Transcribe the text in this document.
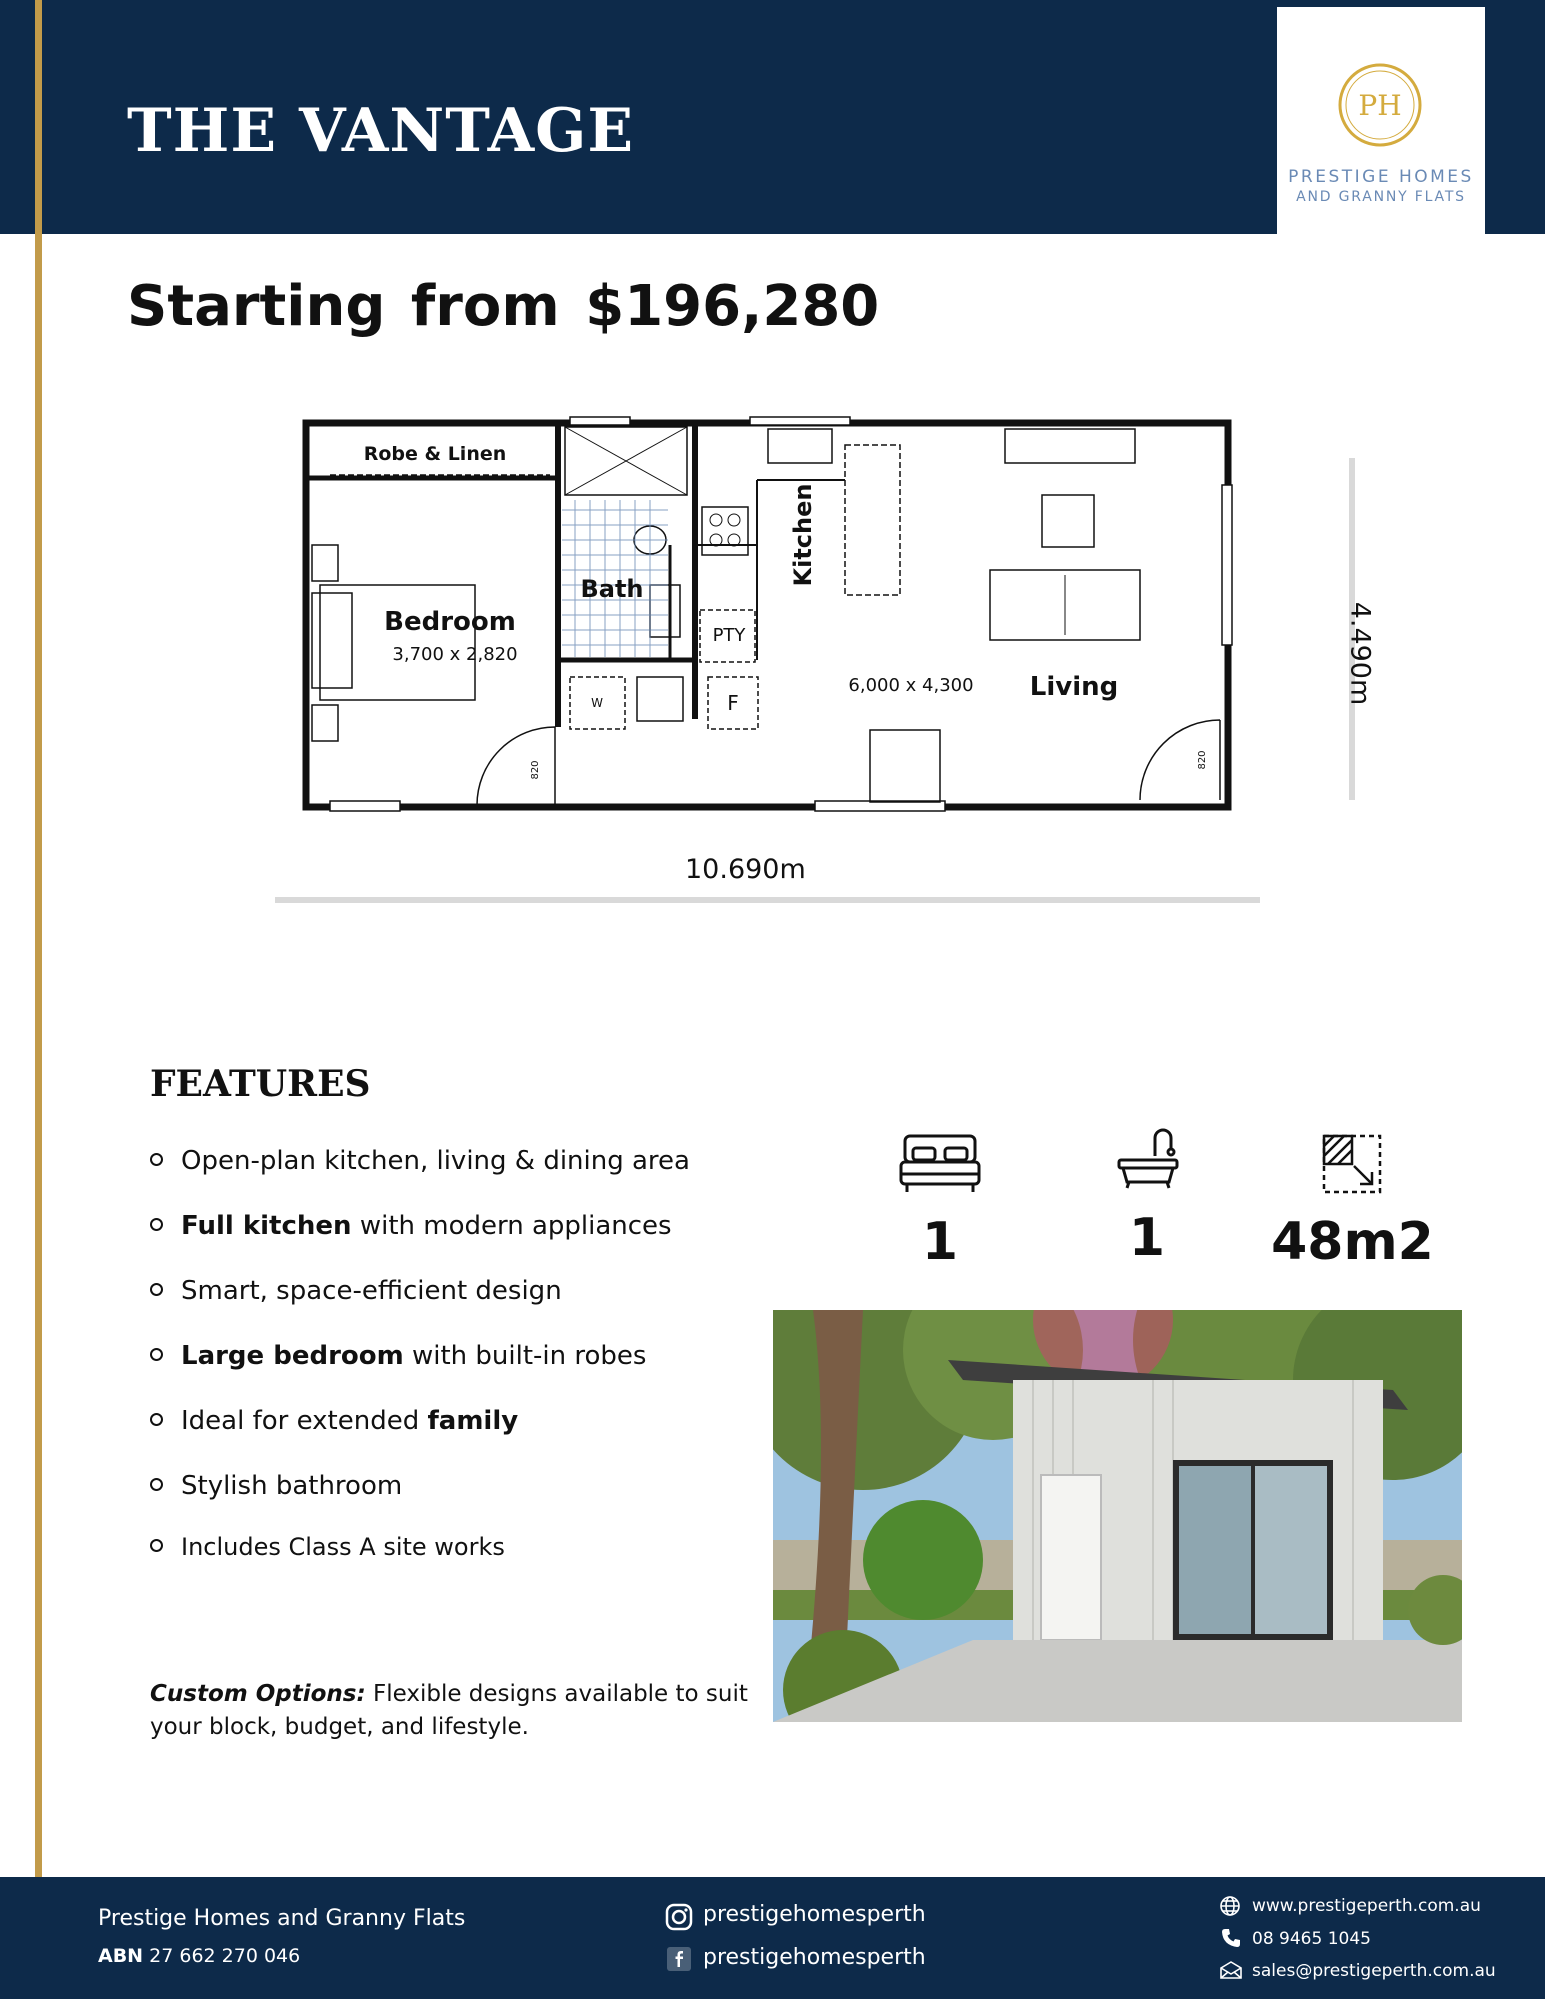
THE VANTAGE	PH
PRESTIGE HOMES
AND GRANNY FLATS
Starting from $196,280
Robe & Linen
Bath
Bedroom
3,700 x 2,820
PTY
W	F
Kitchen
6,000 x 4,300 Living
820
820
10.690m
4.490m
FEATURES
Open-plan kitchen, living & dining area
Full kitchen with modern appliances
Smart, space-efficient design
Large bedroom with built-in robes
Ideal for extended family
Stylish bathroom
Includes Class A site works
Custom Options: Flexible designs available to suit your block, budget, and lifestyle.
1	1	48m2
Prestige Homes and Granny Flats
ABN 27 662 270 046
prestigehomesperth
prestigehomesperth
www.prestigeperth.com.au
08 9465 1045
sales@prestigeperth.com.au
